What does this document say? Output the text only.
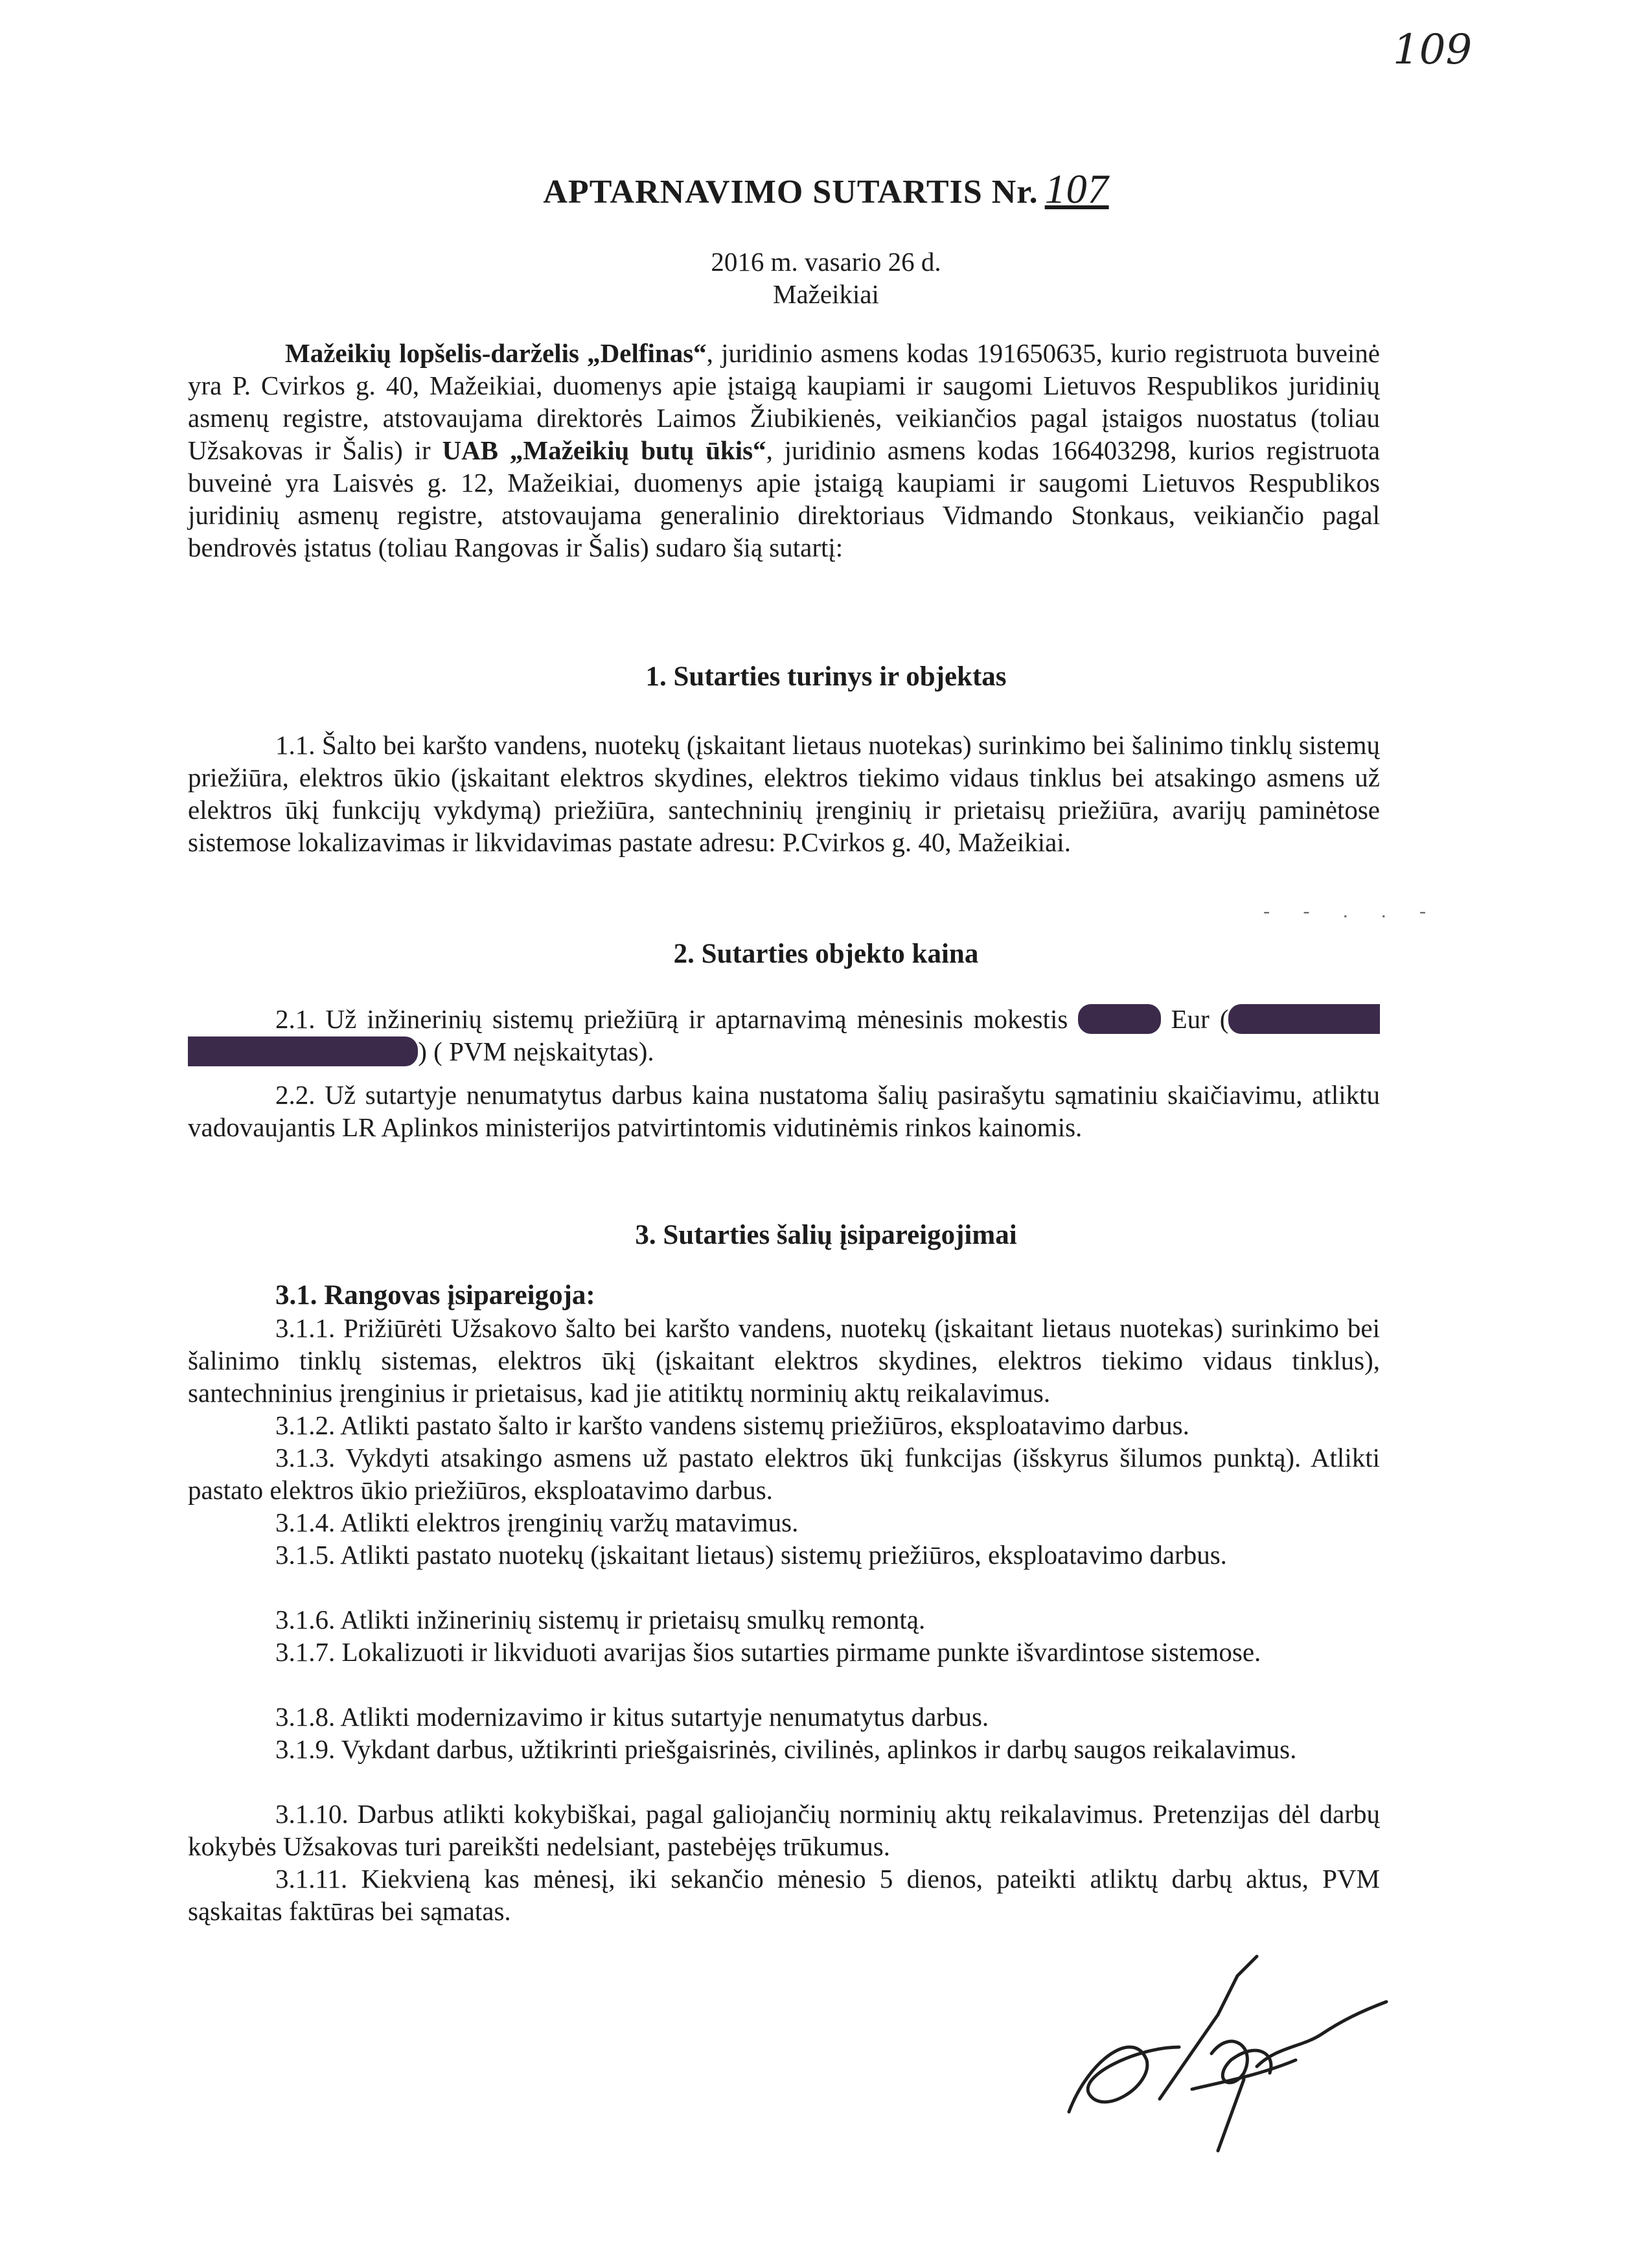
109
APTARNAVIMO SUTARTIS Nr. 107
2016 m. vasario 26 d.
Mažeikiai
Mažeikių lopšelis-darželis „Delfinas“, juridinio asmens kodas 191650635, kurio registruota buveinė yra P. Cvirkos g. 40, Mažeikiai, duomenys apie įstaigą kaupiami ir saugomi Lietuvos Respublikos juridinių asmenų registre, atstovaujama direktorės Laimos Žiubikienės, veikiančios pagal įstaigos nuostatus (toliau Užsakovas ir Šalis) ir UAB „Mažeikių butų ūkis“, juridinio asmens kodas 166403298, kurios registruota buveinė yra Laisvės g. 12, Mažeikiai, duomenys apie įstaigą kaupiami ir saugomi Lietuvos Respublikos juridinių asmenų registre, atstovaujama generalinio direktoriaus Vidmando Stonkaus, veikiančio pagal bendrovės įstatus (toliau Rangovas ir Šalis) sudaro šią sutartį:
1. Sutarties turinys ir objektas
1.1. Šalto bei karšto vandens, nuotekų (įskaitant lietaus nuotekas) surinkimo bei šalinimo tinklų sistemų priežiūra, elektros ūkio (įskaitant elektros skydines, elektros tiekimo vidaus tinklus bei atsakingo asmens už elektros ūkį funkcijų vykdymą) priežiūra, santechninių įrenginių ir prietaisų priežiūra, avarijų paminėtose sistemose lokalizavimas ir likvidavimas pastate adresu: P.Cvirkos g. 40, Mažeikiai.
- - . . -
2. Sutarties objekto kaina
2.1. Už inžinerinių sistemų priežiūrą ir aptarnavimą mėnesinis mokestis 115,85 Eur ( vienas šimtas penkiolika eurų 85 ct ) ( PVM neįskaitytas).
2.2. Už sutartyje nenumatytus darbus kaina nustatoma šalių pasirašytu sąmatiniu skaičiavimu, atliktu vadovaujantis LR Aplinkos ministerijos patvirtintomis vidutinėmis rinkos kainomis.
3. Sutarties šalių įsipareigojimai
3.1. Rangovas įsipareigoja:
3.1.1. Prižiūrėti Užsakovo šalto bei karšto vandens, nuotekų (įskaitant lietaus nuotekas) surinkimo bei šalinimo tinklų sistemas, elektros ūkį (įskaitant elektros skydines, elektros tiekimo vidaus tinklus), santechninius įrenginius ir prietaisus, kad jie atitiktų norminių aktų reikalavimus.
3.1.2. Atlikti pastato šalto ir karšto vandens sistemų priežiūros, eksploatavimo darbus.
3.1.3. Vykdyti atsakingo asmens už pastato elektros ūkį funkcijas (išskyrus šilumos punktą). Atlikti pastato elektros ūkio priežiūros, eksploatavimo darbus.
3.1.4. Atlikti elektros įrenginių varžų matavimus.
3.1.5. Atlikti pastato nuotekų (įskaitant lietaus) sistemų priežiūros, eksploatavimo darbus.
3.1.6. Atlikti inžinerinių sistemų ir prietaisų smulkų remontą.
3.1.7. Lokalizuoti ir likviduoti avarijas šios sutarties pirmame punkte išvardintose sistemose.
3.1.8. Atlikti modernizavimo ir kitus sutartyje nenumatytus darbus.
3.1.9. Vykdant darbus, užtikrinti priešgaisrinės, civilinės, aplinkos ir darbų saugos reikalavimus.
3.1.10. Darbus atlikti kokybiškai, pagal galiojančių norminių aktų reikalavimus. Pretenzijas dėl darbų kokybės Užsakovas turi pareikšti nedelsiant, pastebėjęs trūkumus.
3.1.11. Kiekvieną kas mėnesį, iki sekančio mėnesio 5 dienos, pateikti atliktų darbų aktus, PVM sąskaitas faktūras bei sąmatas.
